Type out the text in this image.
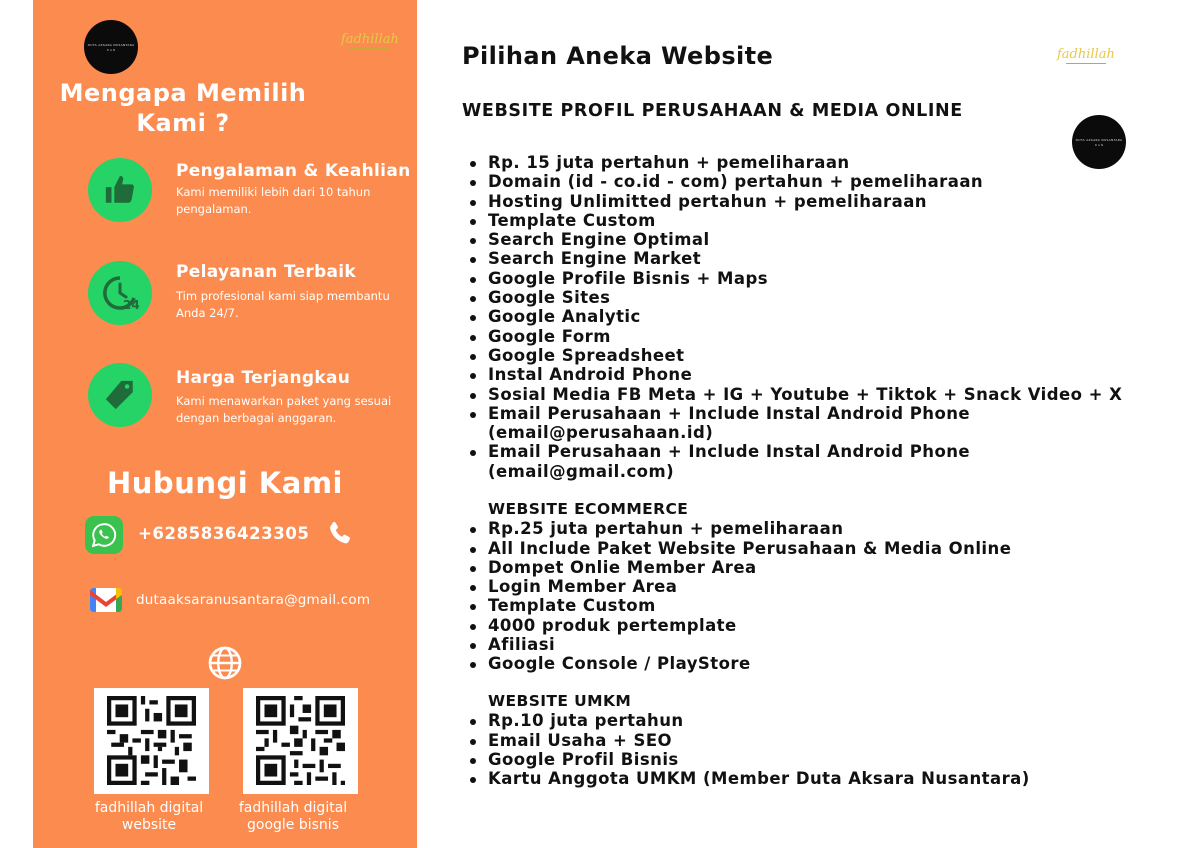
DUTA AKSARA NUSANTARA
D A N
fadhillah
Mengapa Memilih
Kami ?
Pengalaman & Keahlian
Kami memiliki lebih dari 10 tahun pengalaman.
24
Pelayanan Terbaik
Tim profesional kami siap membantu Anda 24/7.
Harga Terjangkau
Kami menawarkan paket yang sesuai dengan berbagai anggaran.
Hubungi Kami
+6285836423305
dutaaksaranusantara@gmail.com
fadhillah digital
website
fadhillah digital
google bisnis
Pilihan Aneka Website	fadhillah
DUTA AKSARA NUSANTARA
D A N
WEBSITE PROFIL PERUSAHAAN & MEDIA ONLINE
Rp. 15 juta pertahun + pemeliharaan
Domain (id - co.id - com) pertahun + pemeliharaan
Hosting Unlimitted pertahun + pemeliharaan
Template Custom
Search Engine Optimal
Search Engine Market
Google Profile Bisnis + Maps
Google Sites
Google Analytic
Google Form
Google Spreadsheet
Instal Android Phone
Sosial Media FB Meta + IG + Youtube + Tiktok + Snack Video + X
Email Perusahaan + Include Instal Android Phone
(email@perusahaan.id)
Email Perusahaan + Include Instal Android Phone
(email@gmail.com)
WEBSITE ECOMMERCE
Rp.25 juta pertahun + pemeliharaan
All Include Paket Website Perusahaan & Media Online
Dompet Onlie Member Area
Login Member Area
Template Custom
4000 produk pertemplate
Afiliasi
Google Console / PlayStore
WEBSITE UMKM
Rp.10 juta pertahun
Email Usaha + SEO
Google Profil Bisnis
Kartu Anggota UMKM (Member Duta Aksara Nusantara)
